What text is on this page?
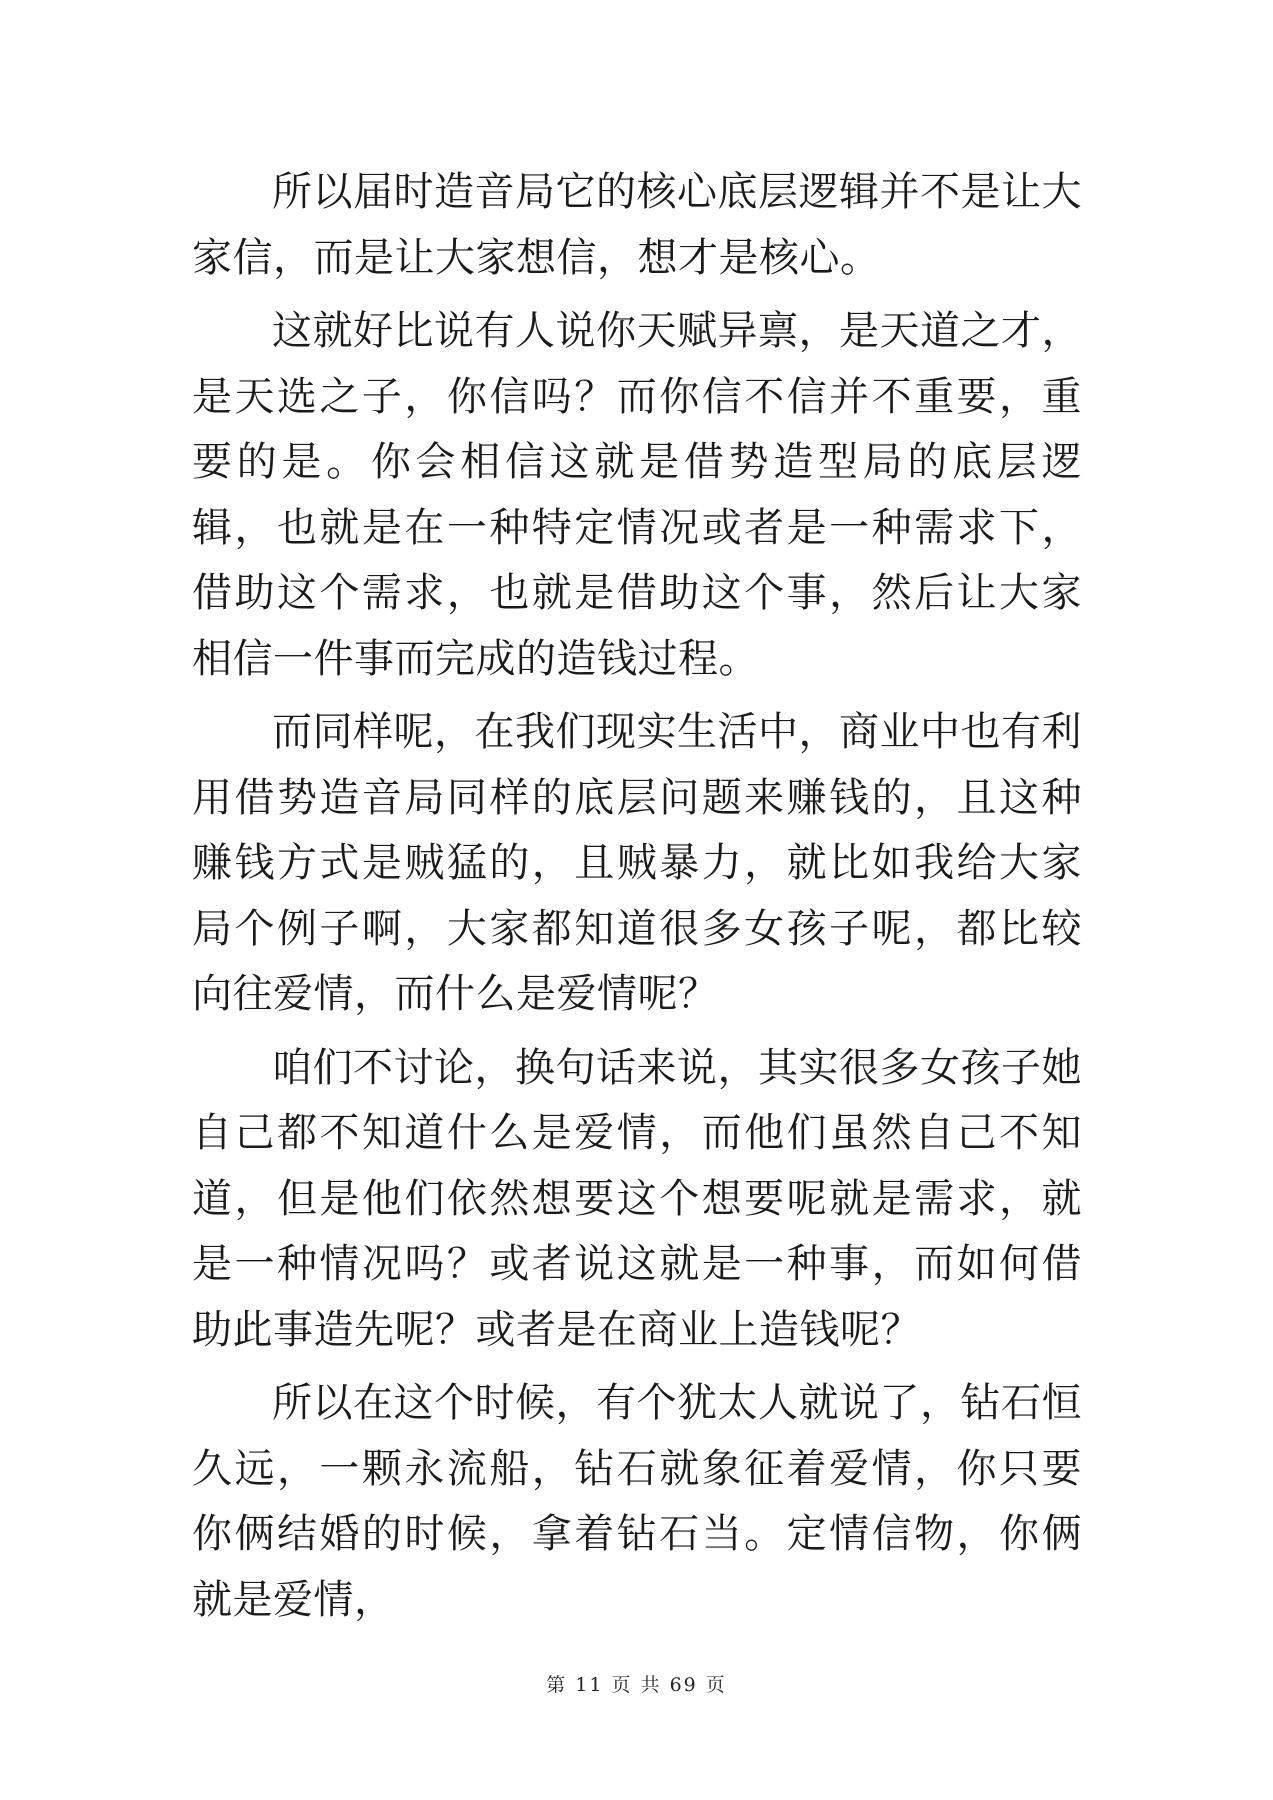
所以届时造音局它的核心底层逻辑并不是让大家信，而是让大家想信，想才是核心。

这就好比说有人说你天赋异禀，是天道之才，是天选之子，你信吗？而你信不信并不重要，重要的是。你会相信这就是借势造型局的底层逻辑，也就是在一种特定情况或者是一种需求下，借助这个需求，也就是借助这个事，然后让大家相信一件事而完成的造钱过程。

而同样呢，在我们现实生活中，商业中也有利用借势造音局同样的底层问题来赚钱的，且这种赚钱方式是贼猛的，且贼暴力，就比如我给大家局个例子啊，大家都知道很多女孩子呢，都比较向往爱情，而什么是爱情呢？

咱们不讨论，换句话来说，其实很多女孩子她自己都不知道什么是爱情，而他们虽然自己不知道，但是他们依然想要这个想要呢就是需求，就是一种情况吗？或者说这就是一种事，而如何借助此事造先呢？或者是在商业上造钱呢？

所以在这个时候，有个犹太人就说了，钻石恒久远，一颗永流船，钻石就象征着爱情，你只要你俩结婚的时候，拿着钻石当。定情信物，你俩就是爱情，

第 11 页 共 69 页
